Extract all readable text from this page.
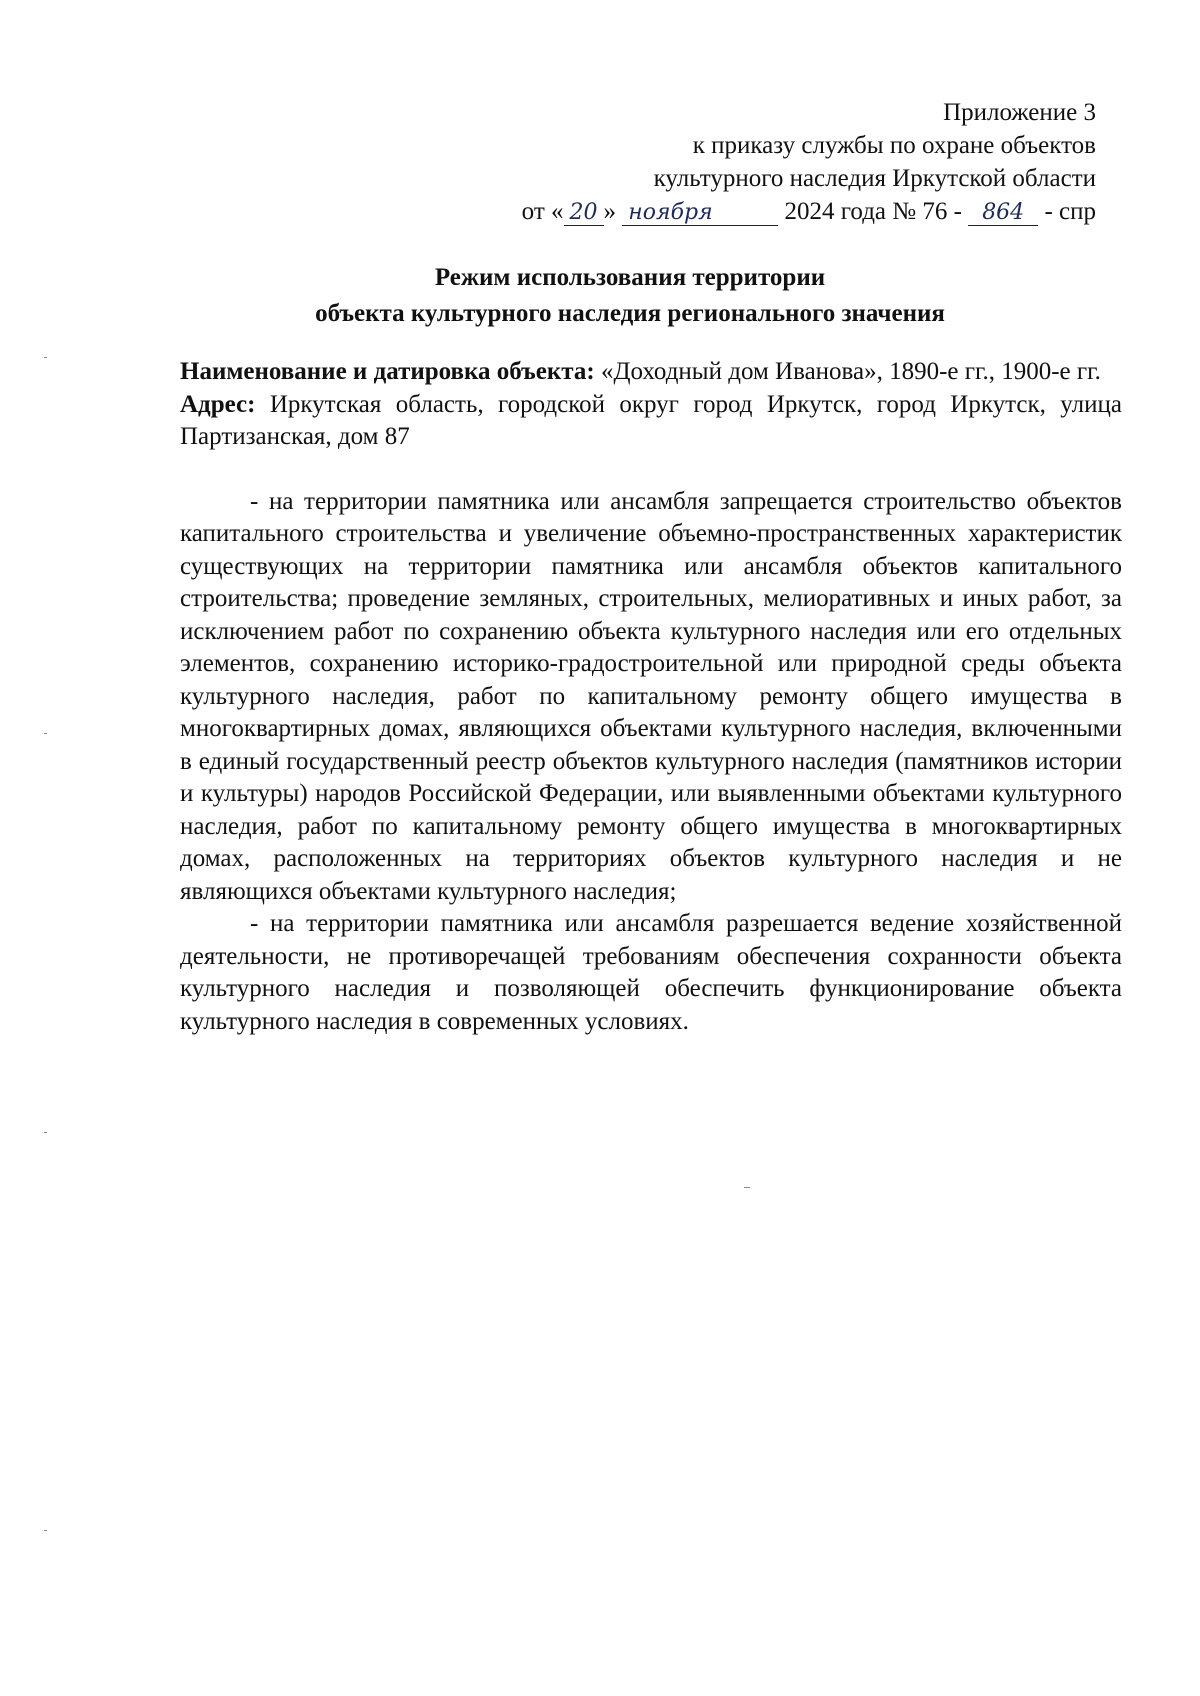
Приложение 3
к приказу службы по охране объектов
культурного наследия Иркутской области
от « 20 » ноября	2024 года № 76 - 864 - спр
Режим использования территории
объекта культурного наследия регионального значения

Наименование и датировка объекта: «Доходный дом Иванова», 1890-е гг., 1900-е гг.

Адрес: Иркутская область, городской округ город Иркутск, город Иркутск, улица Партизанская, дом 87

- на территории памятника или ансамбля запрещается строительство объектов капитального строительства и увеличение объемно-пространственных характеристик существующих на территории памятника или ансамбля объектов капитального строительства; проведение земляных, строительных, мелиоративных и иных работ, за исключением работ по сохранению объекта культурного наследия или его отдельных элементов, сохранению историко-градостроительной или природной среды объекта культурного наследия, работ по капитальному ремонту общего имущества в многоквартирных домах, являющихся объектами культурного наследия, включенными в единый государственный реестр объектов культурного наследия (памятников истории и культуры) народов Российской Федерации, или выявленными объектами культурного наследия, работ по капитальному ремонту общего имущества в многоквартирных домах, расположенных на территориях объектов культурного наследия и не являющихся объектами культурного наследия;

- на территории памятника или ансамбля разрешается ведение хозяйственной деятельности, не противоречащей требованиям обеспечения сохранности объекта культурного наследия и позволяющей обеспечить функционирование объекта культурного наследия в современных условиях.
